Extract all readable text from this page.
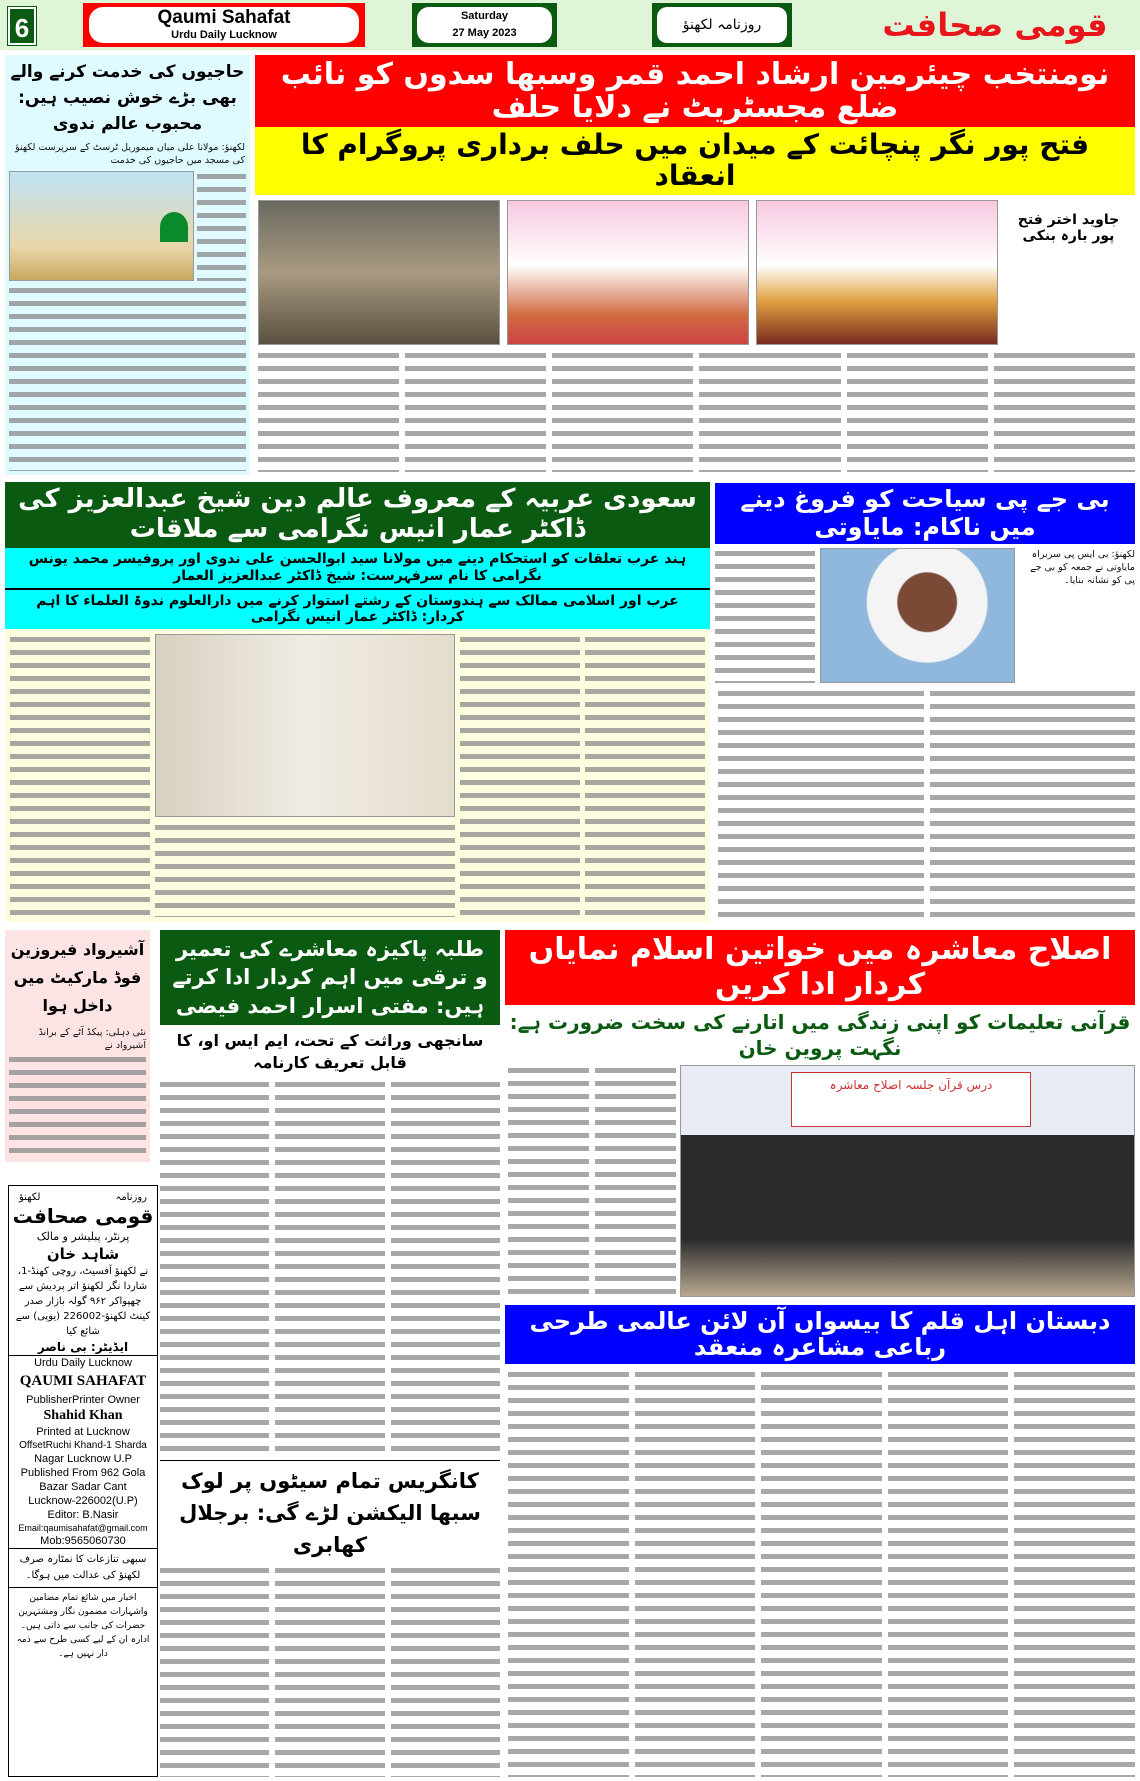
6	Qaumi Sahafat
Urdu Daily Lucknow
Saturday
27 May 2023	روزنامہ لکھنؤ	قومی صحافت
حاجیوں کی خدمت کرنے والے بھی بڑے خوش نصیب ہیں: محبوب عالم ندوی
لکھنؤ: مولانا علی میاں میموریل ٹرسٹ کے سرپرست لکھنؤ کی مسجد میں حاجیوں کی خدمت
نومنتخب چیئرمین ارشاد احمد قمر وسبھا سدوں کو نائب ضلع مجسٹریٹ نے دلایا حلف
فتح پور نگر پنچائت کے میدان میں حلف برداری پروگرام کا انعقاد
جاوید اختر فتح پور بارہ بنکی
سعودی عربیہ کے معروف عالم دین شیخ عبدالعزیز کی ڈاکٹر عمار انیس نگرامی سے ملاقات
ہند عرب تعلقات کو استحکام دینے میں مولانا سید ابوالحسن علی ندوی اور پروفیسر محمد یونس نگرامی کا نام سرفہرست: شیخ ڈاکٹر عبدالعزیز العمار
عرب اور اسلامی ممالک سے ہندوستان کے رشتے استوار کرنے میں دارالعلوم ندوۃ العلماء کا اہم کردار: ڈاکٹر عمار انیس نگرامی
بی جے پی سیاحت کو فروغ دینے میں ناکام: مایاوتی
لکھنؤ: بی ایس پی سربراہ مایاوتی نے جمعہ کو بی جے پی کو نشانہ بنایا۔
آشیرواد فیروزین فوڈ مارکیٹ میں داخل ہوا
نئی دہلی: پیکڈ آٹے کے برانڈ آشیرواد نے
روزنامہ
لکھنؤ

قومی صحافت

پرنٹر، پبلیشر و مالک

شاہد خان

نے لکھنؤ آفسیٹ، روچی کھنڈ-1، شاردا نگر لکھنؤ اتر پردیش سے چھپواکر ۹۶۲ گولہ بازار صدر کینٹ لکھنؤ-226002 (یوپی) سے شائع کیا

ایڈیٹر: بی ناصر

Urdu Daily Lucknow

QAUMI SAHAFAT

PublisherPrinter Owner

Shahid Khan

Printed at Lucknow

OffsetRuchi Khand-1 Sharda

Nagar Lucknow U.P

Published From 962 Gola

Bazar Sadar Cant

Lucknow-226002(U.P)

Editor: B.Nasir

Email:qaumisahafat@gmail.com

Mob:9565060730

سبھی تنازعات کا نمٹارہ صرف لکھنؤ کی عدالت میں ہوگا۔

اخبار میں شائع تمام مضامین واشہارات مضمون نگار ومشتہرین حضرات کی جانب سے ذاتی ہیں۔ ادارہ ان کے لیے کسی طرح سے ذمہ دار نہیں ہے۔

طلبہ پاکیزہ معاشرے کی تعمیر و ترقی میں اہم کردار ادا کرتے ہیں: مفتی اسرار احمد فیضی
سانجھی وراثت کے تحت، ایم ایس او، کا قابل تعریف کارنامہ
کانگریس تمام سیٹوں پر لوک سبھا الیکشن لڑے گی: برجلال کھابری
اصلاح معاشرہ میں خواتین اسلام نمایاں کردار ادا کریں
قرآنی تعلیمات کو اپنی زندگی میں اتارنے کی سخت ضرورت ہے: نگہت پروین خان
درس قرآن جلسہ اصلاح معاشرہ
دبستان اہل قلم کا بیسواں آن لائن عالمی طرحی رباعی مشاعرہ منعقد
